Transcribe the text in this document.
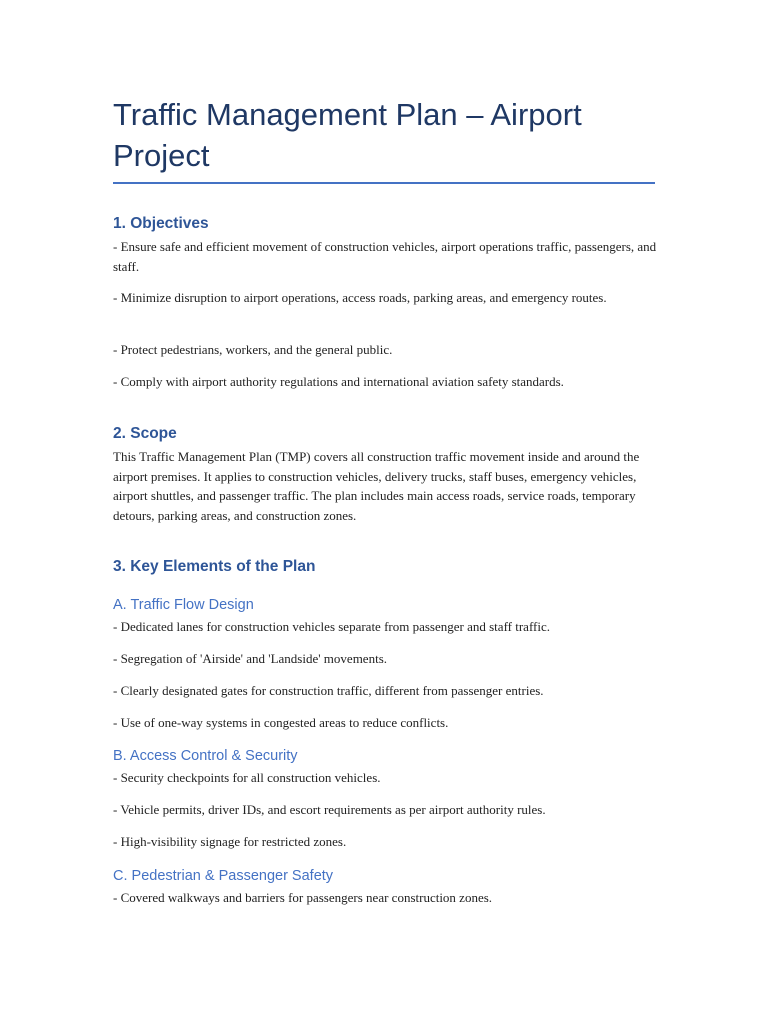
Traffic Management Plan – Airport Project
1. Objectives

- Ensure safe and efficient movement of construction vehicles, airport operations traffic, passengers, and staff.

- Minimize disruption to airport operations, access roads, parking areas, and emergency routes.

- Protect pedestrians, workers, and the general public.

- Comply with airport authority regulations and international aviation safety standards.

2. Scope

This Traffic Management Plan (TMP) covers all construction traffic movement inside and around the airport premises. It applies to construction vehicles, delivery trucks, staff buses, emergency vehicles, airport shuttles, and passenger traffic. The plan includes main access roads, service roads, temporary detours, parking areas, and construction zones.

3. Key Elements of the Plan
A. Traffic Flow Design

- Dedicated lanes for construction vehicles separate from passenger and staff traffic.

- Segregation of 'Airside' and 'Landside' movements.

- Clearly designated gates for construction traffic, different from passenger entries.

- Use of one-way systems in congested areas to reduce conflicts.

B. Access Control & Security

- Security checkpoints for all construction vehicles.

- Vehicle permits, driver IDs, and escort requirements as per airport authority rules.

- High-visibility signage for restricted zones.

C. Pedestrian & Passenger Safety

- Covered walkways and barriers for passengers near construction zones.
